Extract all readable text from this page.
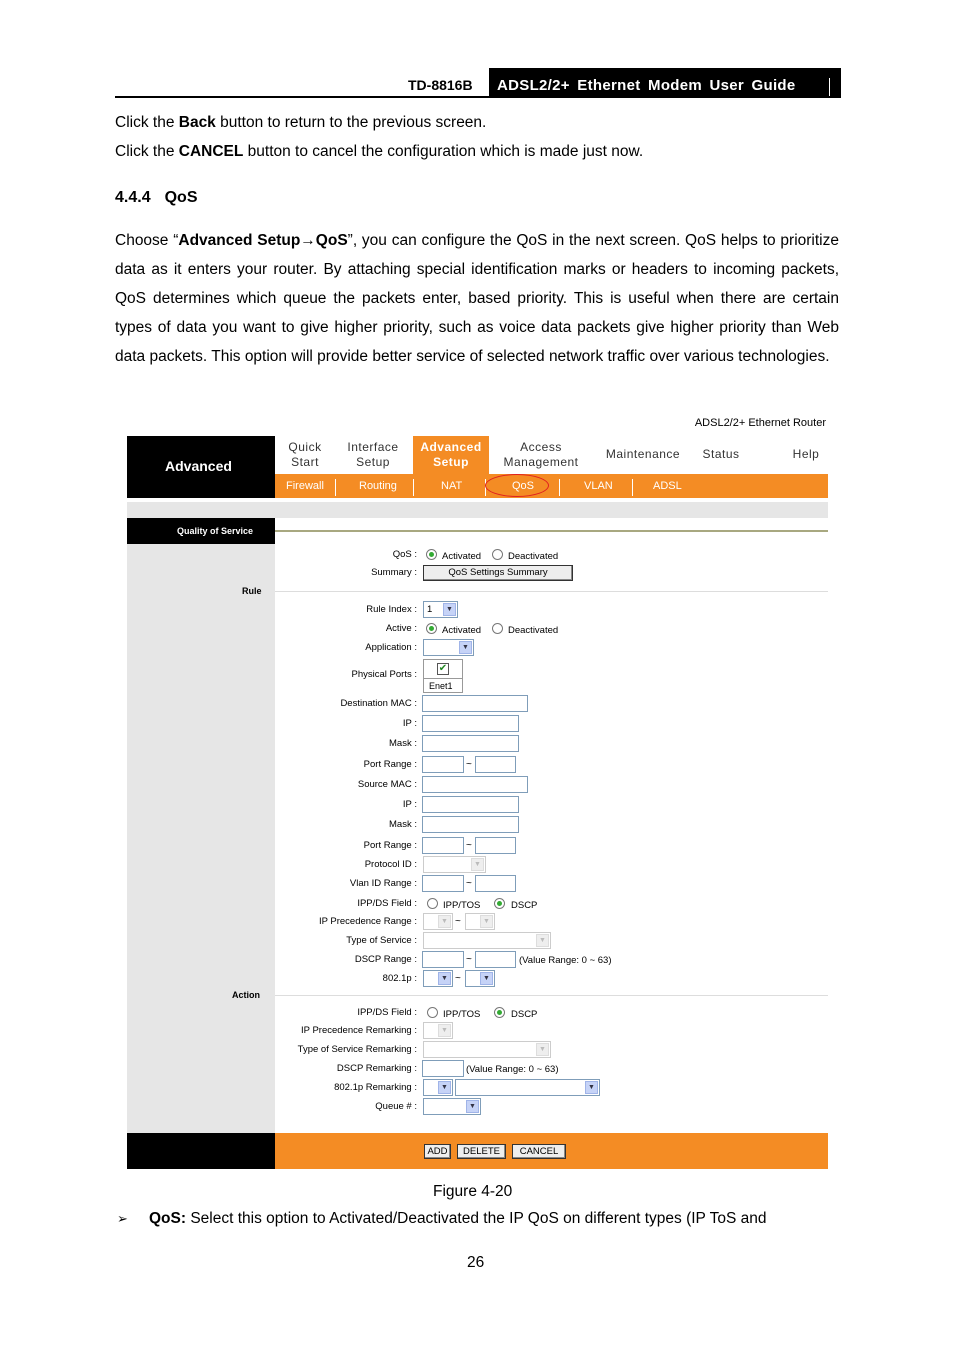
TD-8816B	ADSL2/2+ Ethernet Modem User Guide
Click the Back button to return to the previous screen.
Click the CANCEL button to cancel the configuration which is made just now.
4.4.4 QoS
Choose “Advanced Setup→QoS”, you can configure the QoS in the next screen. QoS helps to prioritize data as it enters your router. By attaching special identification marks or headers to incoming packets, QoS determines which queue the packets enter, based priority. This is useful when there are certain types of data you want to give higher priority, such as voice data packets give higher priority than Web data packets. This option will provide better service of selected network traffic over various technologies.
ADSL2/2+ Ethernet Router
Advanced
Quick
Start
Interface
Setup
Advanced
Setup
Access
Management
Maintenance	Status	Help
Firewall	Routing	NAT	QoS	VLAN	ADSL
Quality of Service
QoS :	Activated	Deactivated
Summary :	QoS Settings Summary
Rule
Rule Index :	1	▼
Active :	Activated	Deactivated
Application :	▼
Physical Ports :
✔
Enet1
Destination MAC :
IP :
Mask :
Port Range :	~
Source MAC :
IP :
Mask :
Port Range :	~
Protocol ID :	▼
Vlan ID Range :	~
IPP/DS Field :	IPP/TOS	DSCP
IP Precedence Range :	▼ ~	▼
Type of Service :	▼
DSCP Range :	~	(Value Range: 0 ~ 63)
802.1p :	▼ ~	▼
Action
IPP/DS Field :	IPP/TOS	DSCP
IP Precedence Remarking :	▼
Type of Service Remarking :	▼
DSCP Remarking :	(Value Range: 0 ~ 63)
802.1p Remarking :	▼	▼
Queue # :	▼
ADD	DELETE	CANCEL
Figure 4-20
➢ QoS: Select this option to Activated/Deactivated the IP QoS on different types (IP ToS and
26
